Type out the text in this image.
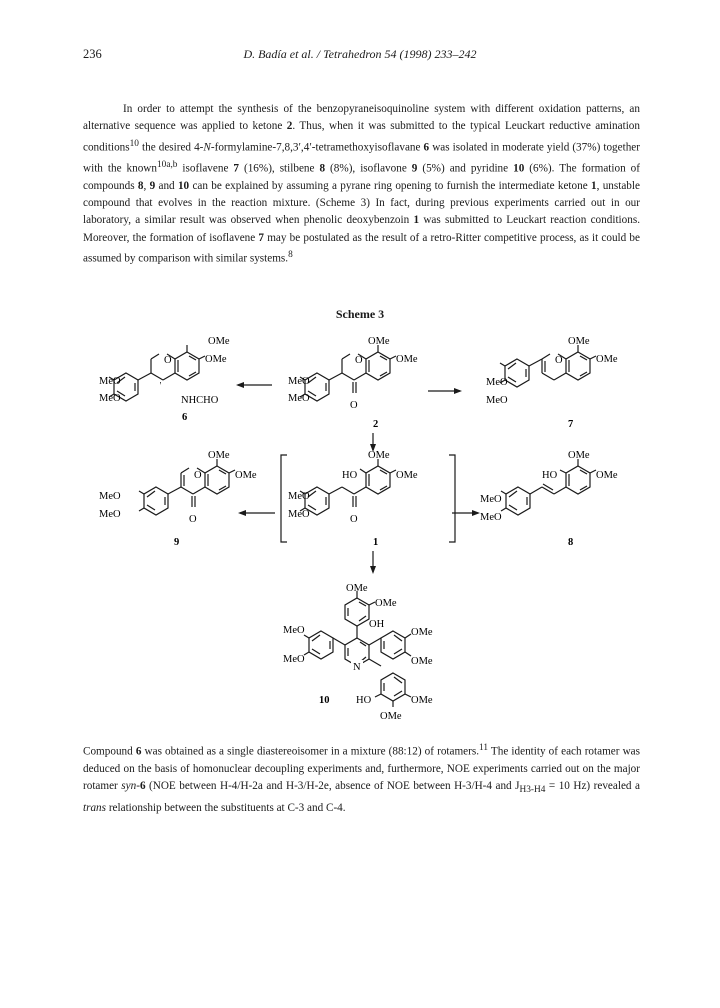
236	D. Badía et al. / Tetrahedron 54 (1998) 233–242

In order to attempt the synthesis of the benzopyraneisoquinoline system with different oxidation patterns, an alternative sequence was applied to ketone 2. Thus, when it was submitted to the typical Leuckart reductive amination conditions$^{10}$ the desired 4-N-formylamine-7,8,3′,4′-tetramethoxyisoflavane 6 was isolated in moderate yield (37%) together with the known$^{10a,b}$ isoflavene 7 (16%), stilbene 8 (8%), isoflavone 9 (5%) and pyridine 10 (6%). The formation of compounds 8, 9 and 10 can be explained by assuming a pyrane ring opening to furnish the intermediate ketone 1, unstable compound that evolves in the reaction mixture. (Scheme 3) In fact, during previous experiments carried out in our laboratory, a similar result was observed when phenolic deoxybenzoin 1 was submitted to Leuckart reaction conditions. Moreover, the formation of isoflavene 7 may be postulated as the result of a retro-Ritter competitive process, as it could be assumed by comparison with similar systems.$^8$

Scheme 3
OMe
OMe
O
MeO
MeO	NHCHO
6
OMe
OMe
O
MeO
MeO
O
2
OMe
OMe
O
MeO
MeO
7
OMe
OMe
O
MeO
MeO	O
9
OMe
OMe
HO
MeO
MeO	O
1
OMe
OMe
HO
MeO
MeO
8
OMe
OMe
OH
OMe
OMe
MeO
MeO
N
HO	OMe
OMe
10

Compound 6 was obtained as a single diastereoisomer in a mixture (88:12) of rotamers.$^{11}$ The identity of each rotamer was deduced on the basis of homonuclear decoupling experiments and, furthermore, NOE experiments carried out on the major rotamer syn-6 (NOE between H-4/H-2a and H-3/H-2e, absence of NOE between H-3/H-4 and $J_{H3-H4} = 10$ Hz) revealed a trans relationship between the substituents at C-3 and C-4.
